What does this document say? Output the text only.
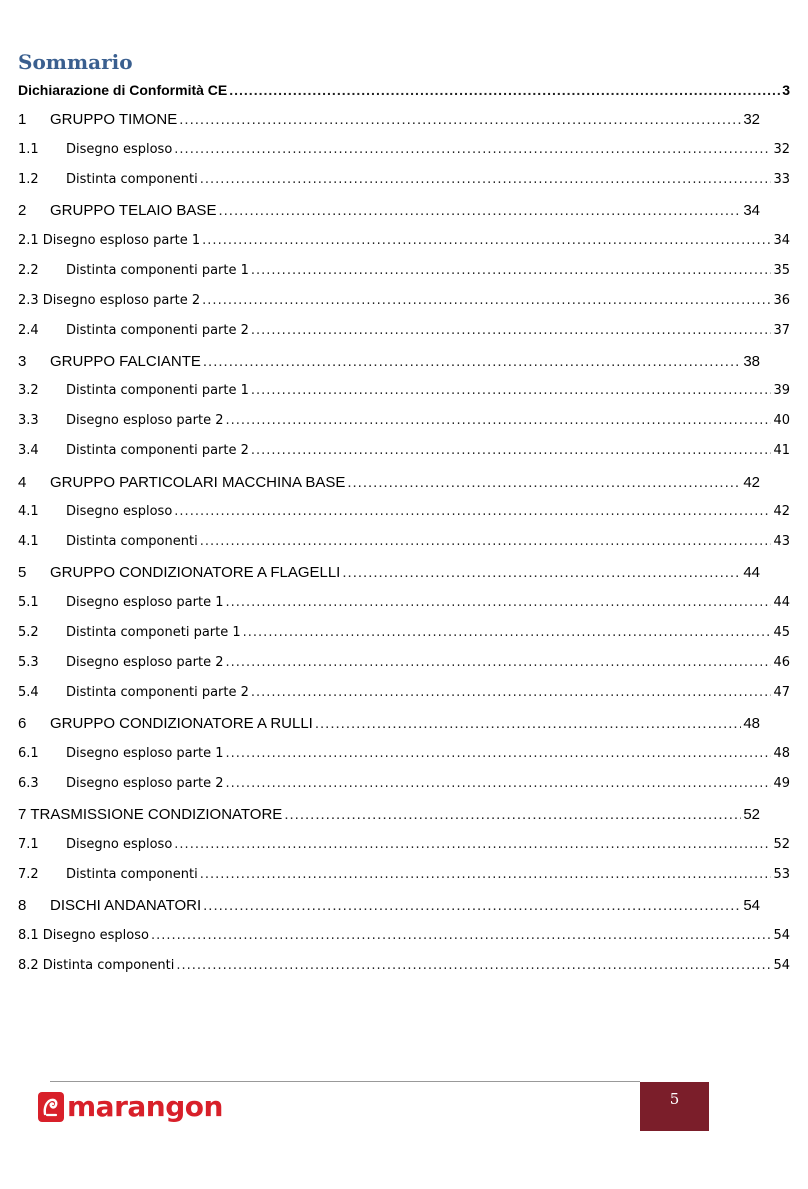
Sommario
Dichiarazione di Conformità CE .....	3
1	GRUPPO TIMONE .....	32
1.1	Disegno esploso .....	32
1.2	Distinta componenti .....	33
2	GRUPPO TELAIO BASE .....	34
2.1 Disegno esploso parte 1 .....	34
2.2	Distinta componenti parte 1 .....	35
2.3 Disegno esploso parte 2 .....	36
2.4	Distinta componenti parte 2 .....	37
3	GRUPPO FALCIANTE .....	38
3.2	Distinta componenti parte 1 .....	39
3.3	Disegno esploso parte 2 .....	40
3.4	Distinta componenti parte 2 .....	41
4	GRUPPO PARTICOLARI MACCHINA BASE .....	42
4.1	Disegno esploso .....	42
4.1	Distinta componenti .....	43
5	GRUPPO CONDIZIONATORE A FLAGELLI .....	44
5.1	Disegno esploso parte 1 .....	44
5.2	Distinta componeti parte 1 .....	45
5.3	Disegno esploso parte 2 .....	46
5.4	Distinta componenti parte 2 .....	47
6	GRUPPO CONDIZIONATORE A RULLI .....	48
6.1	Disegno esploso parte 1 .....	48
6.3	Disegno esploso parte 2 .....	49
7 TRASMISSIONE CONDIZIONATORE .....	52
7.1	Disegno esploso .....	52
7.2	Distinta componenti .....	53
8	DISCHI ANDANATORI .....	54
8.1 Disegno esploso .....	54
8.2 Distinta componenti .....	54
marangon	5
